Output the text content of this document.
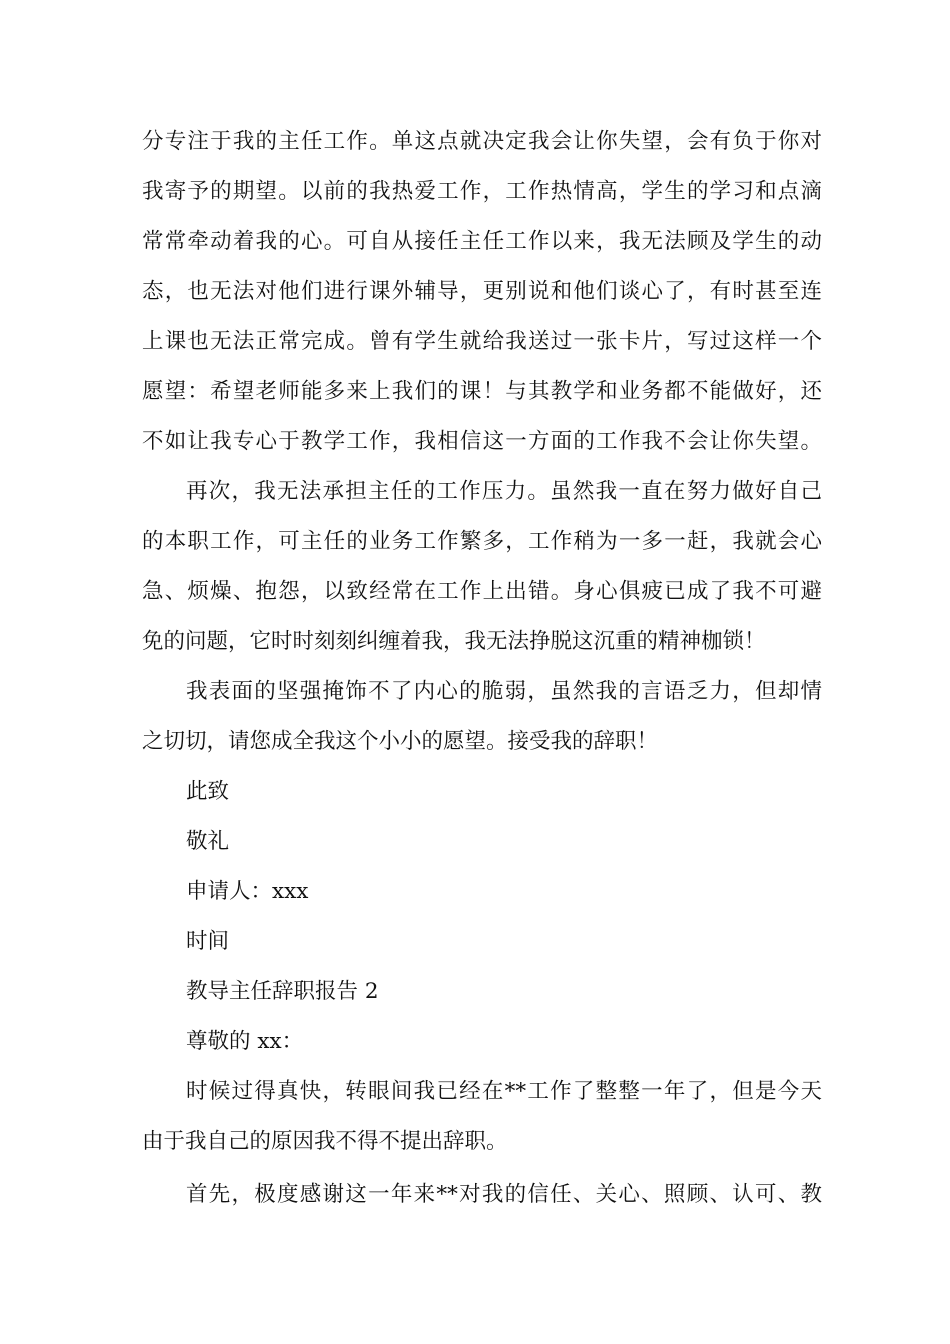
分专注于我的主任工作。单这点就决定我会让你失望，会有负于你对
我寄予的期望。以前的我热爱工作，工作热情高，学生的学习和点滴
常常牵动着我的心。可自从接任主任工作以来，我无法顾及学生的动
态，也无法对他们进行课外辅导，更别说和他们谈心了，有时甚至连
上课也无法正常完成。曾有学生就给我送过一张卡片，写过这样一个
愿望：希望老师能多来上我们的课！与其教学和业务都不能做好，还
不如让我专心于教学工作，我相信这一方面的工作我不会让你失望。
再次，我无法承担主任的工作压力。虽然我一直在努力做好自己
的本职工作，可主任的业务工作繁多，工作稍为一多一赶，我就会心
急、烦燥、抱怨，以致经常在工作上出错。身心俱疲已成了我不可避
免的问题，它时时刻刻纠缠着我，我无法挣脱这沉重的精神枷锁！
我表面的坚强掩饰不了内心的脆弱，虽然我的言语乏力，但却情
之切切，请您成全我这个小小的愿望。接受我的辞职！
此致
敬礼
申请人：xxx
时间
教导主任辞职报告 2
尊敬的 xx：
时候过得真快，转眼间我已经在**工作了整整一年了，但是今天
由于我自己的原因我不得不提出辞职。
首先，极度感谢这一年来**对我的信任、关心、照顾、认可、教
